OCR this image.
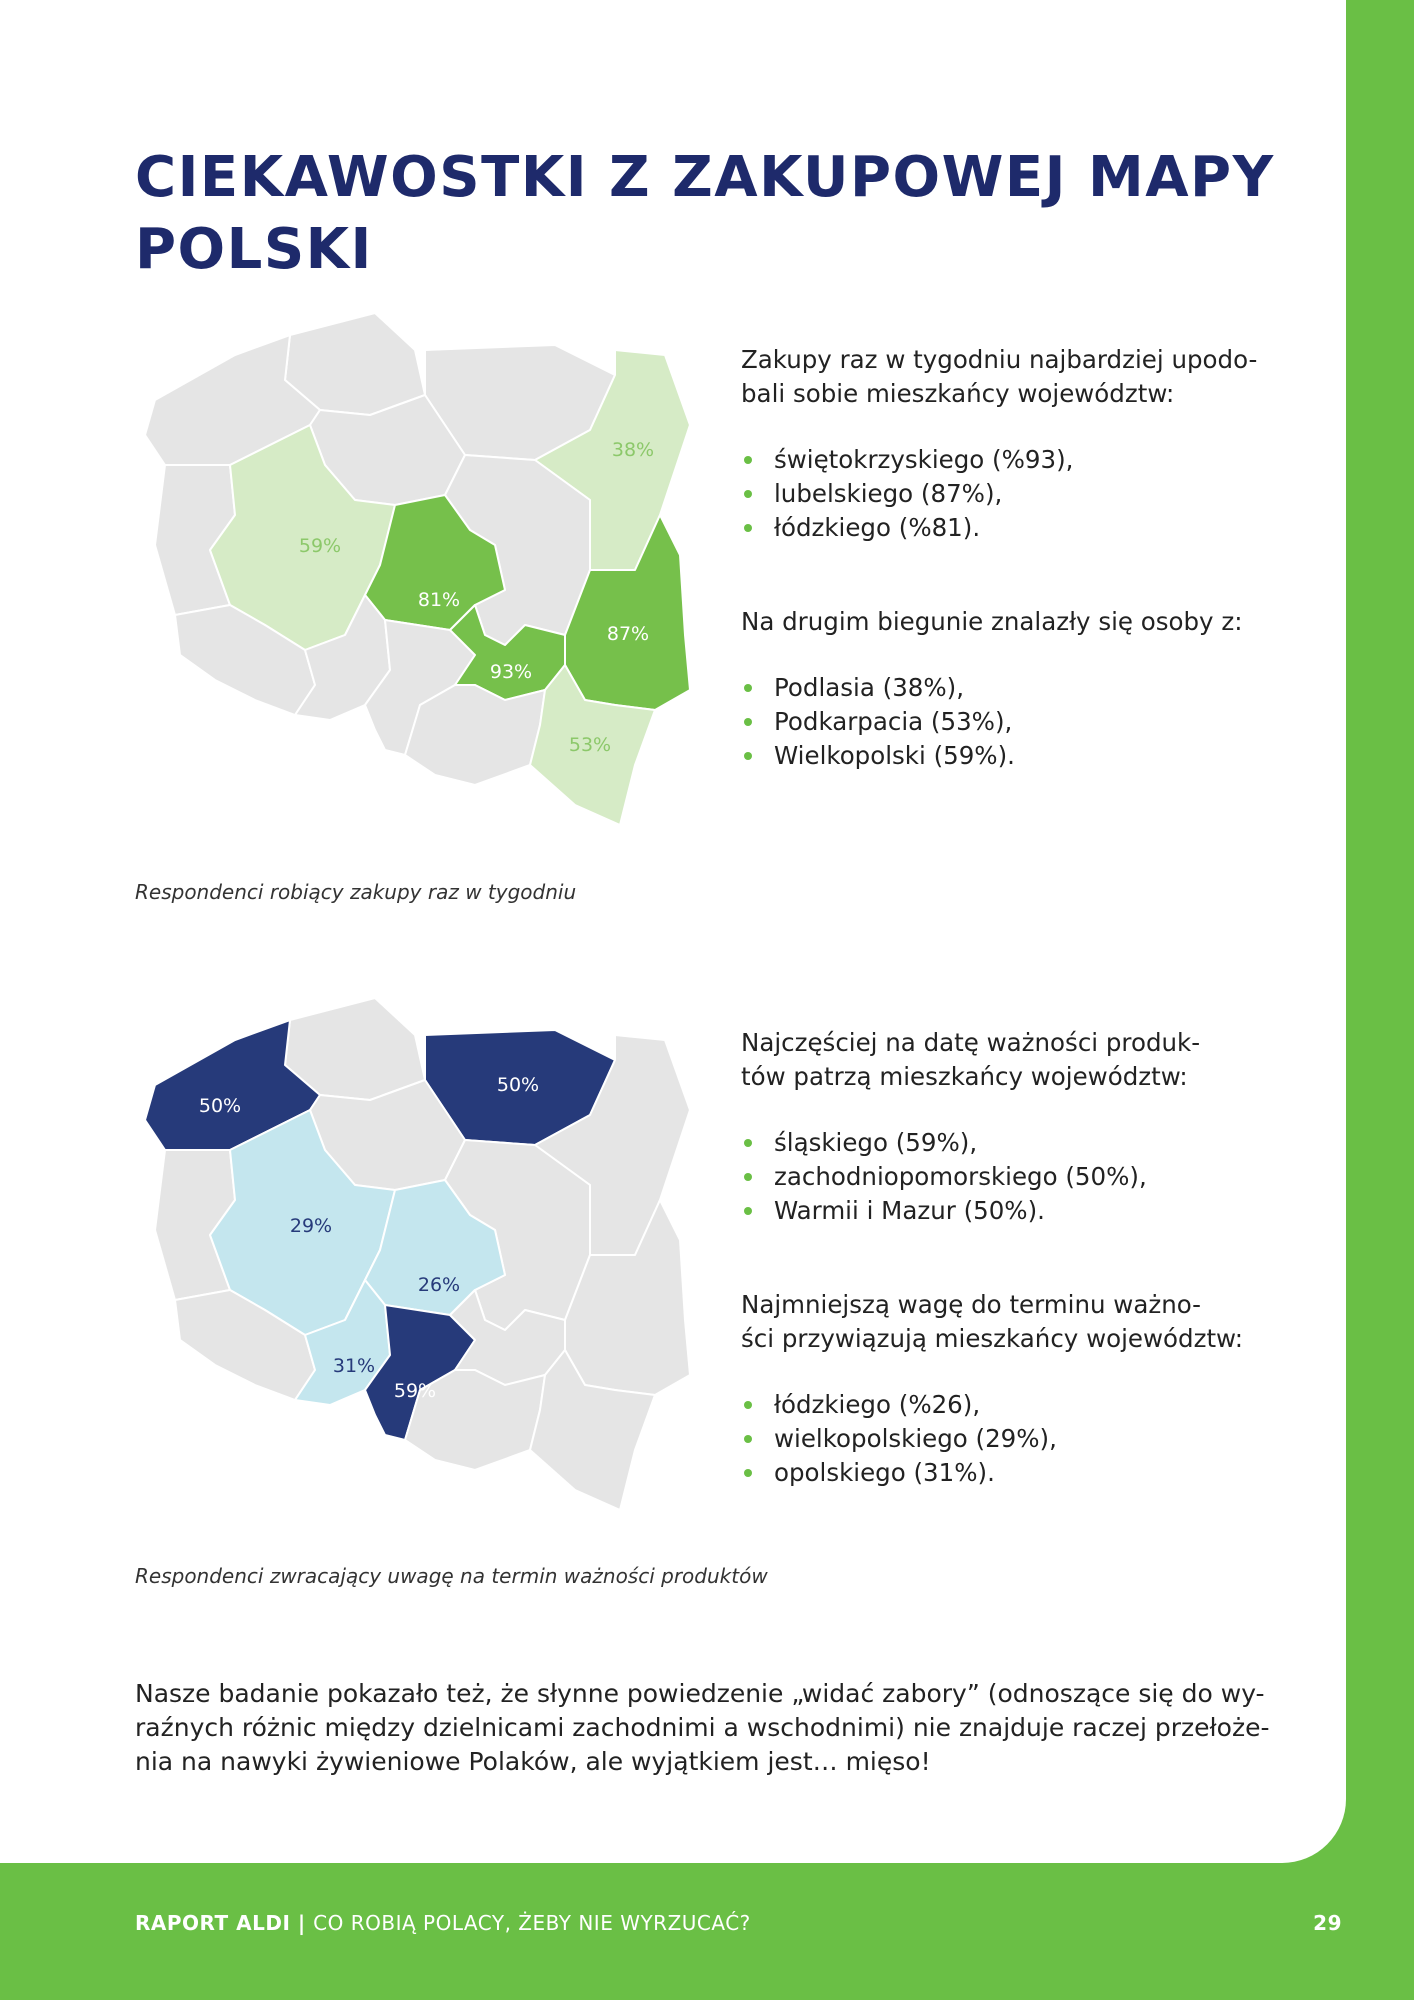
CIEKAWOSTKI Z ZAKUPOWEJ MAPY
POLSKI
38%
59%
81%
87%
93%
53%

Zakupy raz w tygodniu najbardziej upodo-
bali sobie mieszkańcy województw:

świętokrzyskiego (%93),
lubelskiego (87%),
łódzkiego (%81).

Na drugim biegunie znalazły się osoby z:

Podlasia (38%),
Podkarpacia (53%),
Wielkopolski (59%).

Respondenci robiący zakupy raz w tygodniu

50%
50%
29%
26%
31%
59%

Najczęściej na datę ważności produk-
tów patrzą mieszkańcy województw:

śląskiego (59%),
zachodniopomorskiego (50%),
Warmii i Mazur (50%).

Najmniejszą wagę do terminu ważno-
ści przywiązują mieszkańcy województw:

łódzkiego (%26),
wielkopolskiego (29%),
opolskiego (31%).

Respondenci zwracający uwagę na termin ważności produktów

Nasze badanie pokazało też, że słynne powiedzenie „widać zabory” (odnoszące się do wy-
raźnych różnic między dzielnicami zachodnimi a wschodnimi) nie znajduje raczej przełoże-
nia na nawyki żywieniowe Polaków, ale wyjątkiem jest… mięso!

RAPORT ALDI | CO ROBIĄ POLACY, ŻEBY NIE WYRZUCAĆ?	29
